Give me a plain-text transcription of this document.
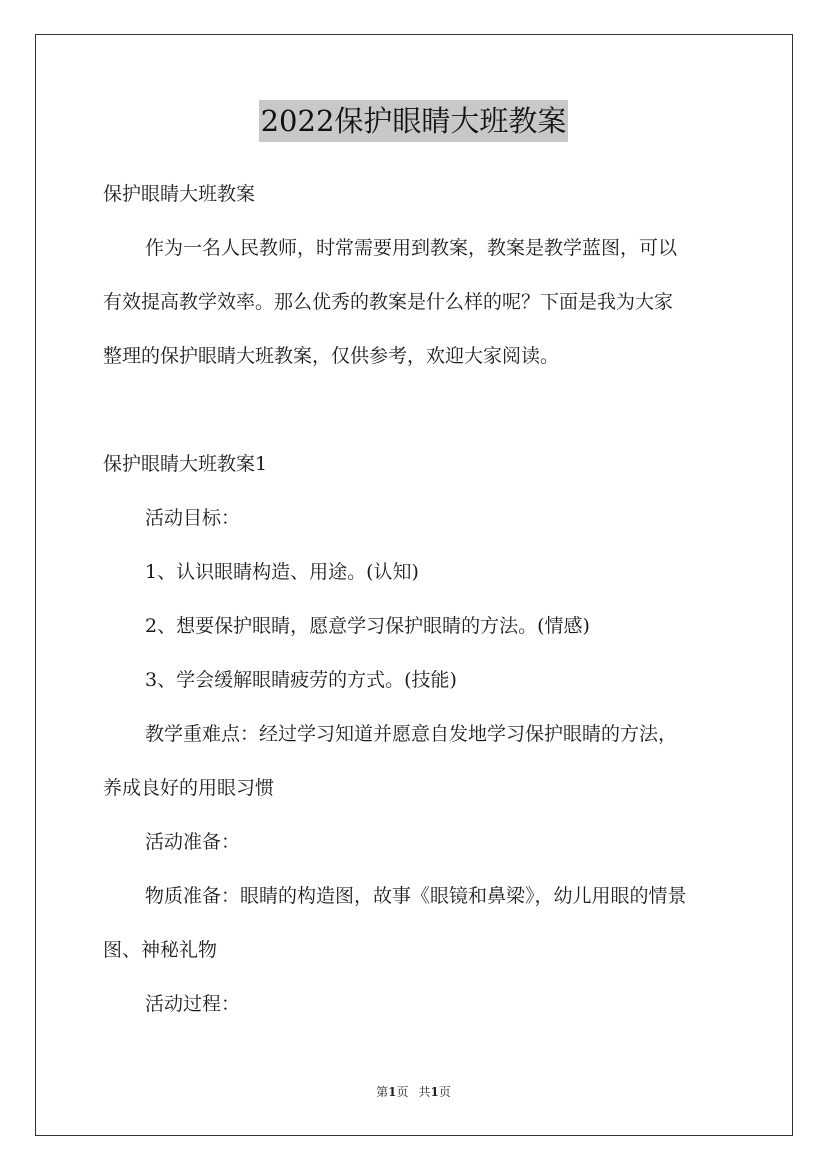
2022保护眼睛大班教案
保护眼睛大班教案
作为一名人民教师，时常需要用到教案，教案是教学蓝图，可以
有效提高教学效率。那么优秀的教案是什么样的呢？下面是我为大家
整理的保护眼睛大班教案，仅供参考，欢迎大家阅读。
保护眼睛大班教案1
活动目标：
1、认识眼睛构造、用途。(认知)
2、想要保护眼睛，愿意学习保护眼睛的方法。(情感)
3、学会缓解眼睛疲劳的方式。(技能)
教学重难点：经过学习知道并愿意自发地学习保护眼睛的方法，
养成良好的用眼习惯
活动准备：
物质准备：眼睛的构造图，故事《眼镜和鼻梁》，幼儿用眼的情景
图、神秘礼物
活动过程：
第1页 共1页
